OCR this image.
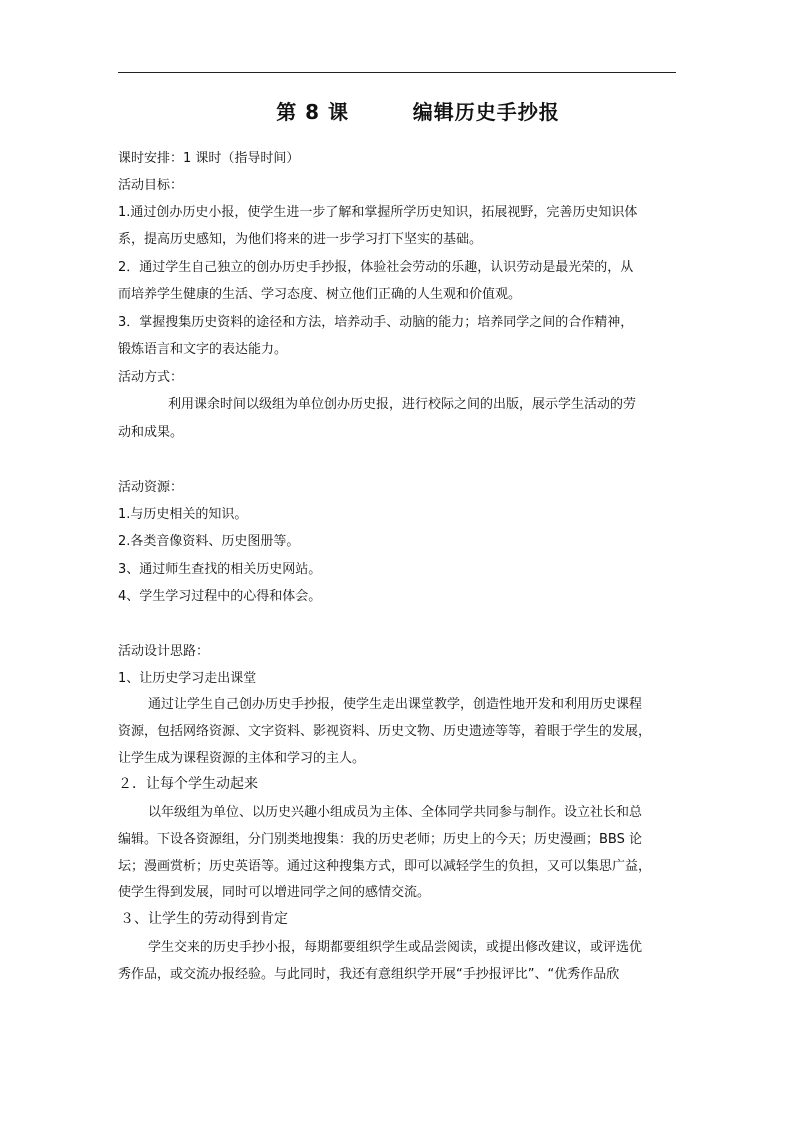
第 8 课	编辑历史手抄报
课时安排：1 课时（指导时间）
活动目标：
1.通过创办历史小报，使学生进一步了解和掌握所学历史知识，拓展视野，完善历史知识体
系，提高历史感知，为他们将来的进一步学习打下坚实的基础。
2．通过学生自己独立的创办历史手抄报，体验社会劳动的乐趣，认识劳动是最光荣的，从
而培养学生健康的生活、学习态度、树立他们正确的人生观和价值观。
3．掌握搜集历史资料的途径和方法，培养动手、动脑的能力；培养同学之间的合作精神，
锻炼语言和文字的表达能力。
活动方式：
利用课余时间以级组为单位创办历史报，进行校际之间的出版，展示学生活动的劳
动和成果。
活动资源：
1.与历史相关的知识。
2.各类音像资料、历史图册等。
3、通过师生查找的相关历史网站。
4、学生学习过程中的心得和体会。
活动设计思路：
1、让历史学习走出课堂
通过让学生自己创办历史手抄报，使学生走出课堂教学，创造性地开发和利用历史课程
资源，包括网络资源、文字资料、影视资料、历史文物、历史遗迹等等，着眼于学生的发展，
让学生成为课程资源的主体和学习的主人。
２．让每个学生动起来
以年级组为单位、以历史兴趣小组成员为主体、全体同学共同参与制作。设立社长和总
编辑。下设各资源组，分门别类地搜集：我的历史老师；历史上的今天；历史漫画；BBS 论
坛；漫画赏析；历史英语等。通过这种搜集方式，即可以减轻学生的负担，又可以集思广益，
使学生得到发展，同时可以增进同学之间的感情交流。
３、让学生的劳动得到肯定
学生交来的历史手抄小报，每期都要组织学生或品尝阅读，或提出修改建议，或评选优
秀作品，或交流办报经验。与此同时，我还有意组织学开展“手抄报评比”、“优秀作品欣
